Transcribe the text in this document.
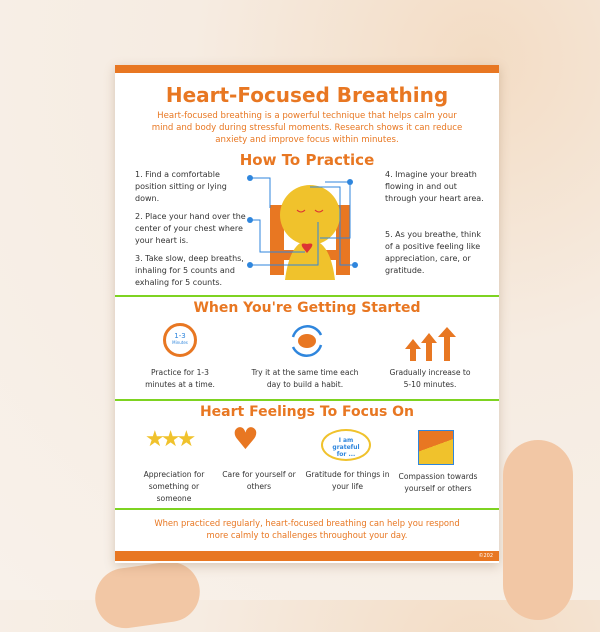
Heart-Focused Breathing
Heart-focused breathing is a powerful technique that helps calm your
mind and body during stressful moments. Research shows it can reduce
anxiety and improve focus within minutes.
How To Practice
1. Find a comfortable position sitting or lying down.
2. Place your hand over the center of your chest where your heart is.
3. Take slow, deep breaths, inhaling for 5 counts and exhaling for 5 counts.
4. Imagine your breath flowing in and out through your heart area.
5. As you breathe, think of a positive feeling like appreciation, care, or gratitude.
When You're Getting Started
1-3
Minutes
Practice for 1-3 minutes at a time.
Try it at the same time each day to build a habit.
Gradually increase to 5-10 minutes.
Heart Feelings To Focus On
★★★ ♥	I am grateful for ...
Appreciation for something or someone
Care for yourself or others
Gratitude for things in your life
Compassion towards yourself or others
When practiced regularly, heart-focused breathing can help you respond
more calmly to challenges throughout your day.
©202
